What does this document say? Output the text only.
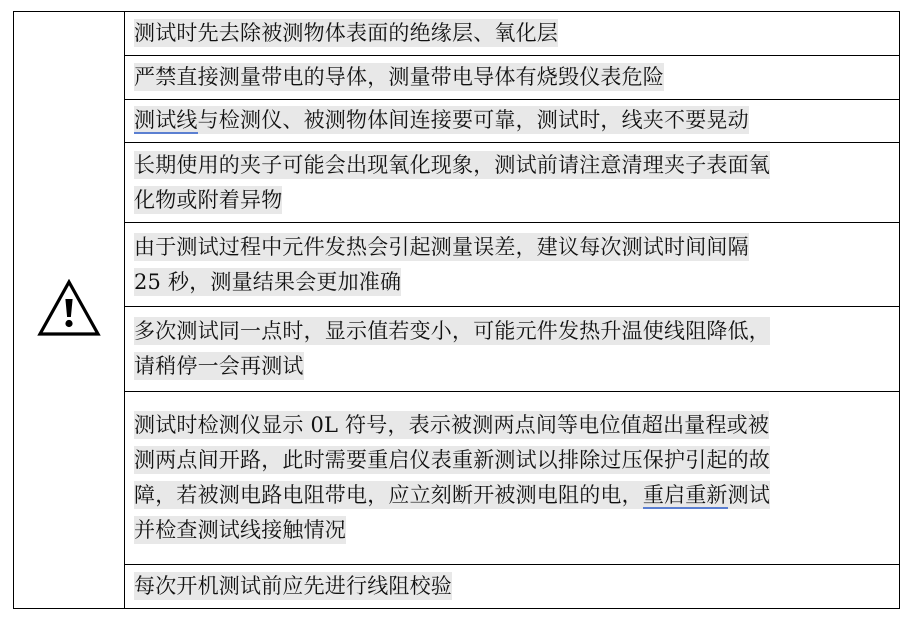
测试时先去除被测物体表面的绝缘层、氧化层

严禁直接测量带电的导体，测量带电导体有烧毁仪表危险

测试线与检测仪、被测物体间连接要可靠，测试时，线夹不要晃动

长期使用的夹子可能会出现氧化现象，测试前请注意清理夹子表面氧
化物或附着异物

由于测试过程中元件发热会引起测量误差，建议每次测试时间间隔
25 秒，测量结果会更加准确

多次测试同一点时，显示值若变小，可能元件发热升温使线阻降低，
请稍停一会再测试

测试时检测仪显示 0L 符号，表示被测两点间等电位值超出量程或被
测两点间开路，此时需要重启仪表重新测试以排除过压保护引起的故
障，若被测电路电阻带电，应立刻断开被测电阻的电，重启重新测试
并检查测试线接触情况

每次开机测试前应先进行线阻校验
